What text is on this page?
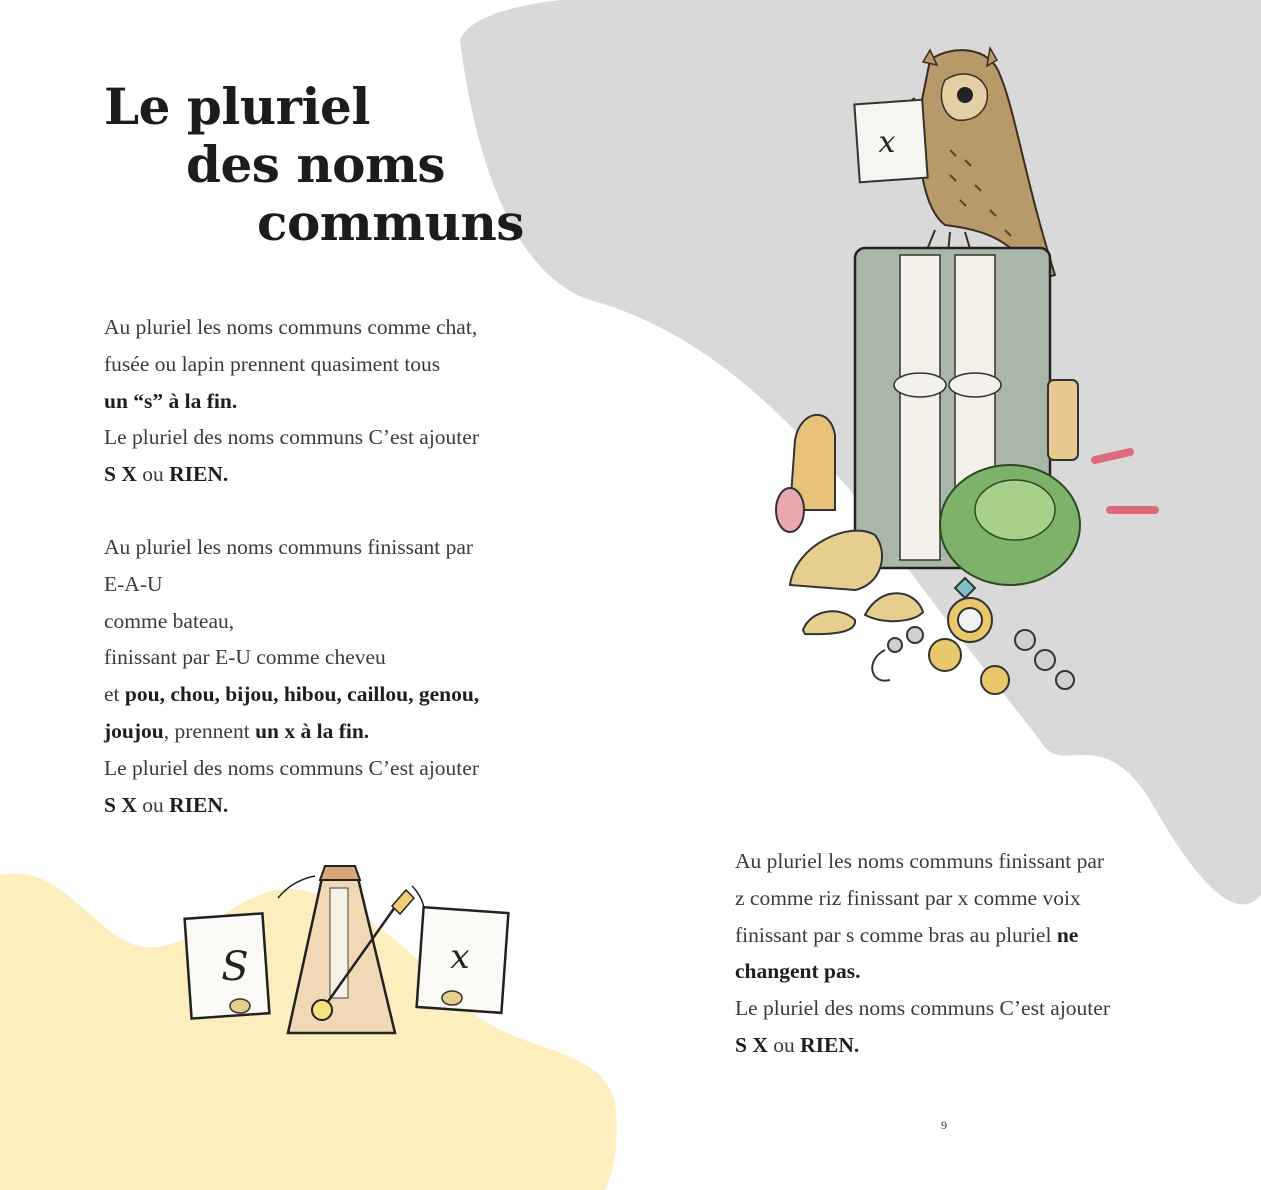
Le pluriel
des noms
communs
Au pluriel les noms communs comme chat,
fusée ou lapin prennent quasiment tous
un “s” à la fin.
Le pluriel des noms communs C’est ajouter
S X ou RIEN.
Au pluriel les noms communs finissant par
E-A-U
comme bateau,
finissant par E-U comme cheveu
et pou, chou, bijou, hibou, caillou, genou,
joujou, prennent un x à la fin.
Le pluriel des noms communs C’est ajouter
S X ou RIEN.
Au pluriel les noms communs finissant par
z comme riz finissant par x comme voix
finissant par s comme bras au pluriel ne
changent pas.
Le pluriel des noms communs C’est ajouter
S X ou RIEN.
x
S	x
9
